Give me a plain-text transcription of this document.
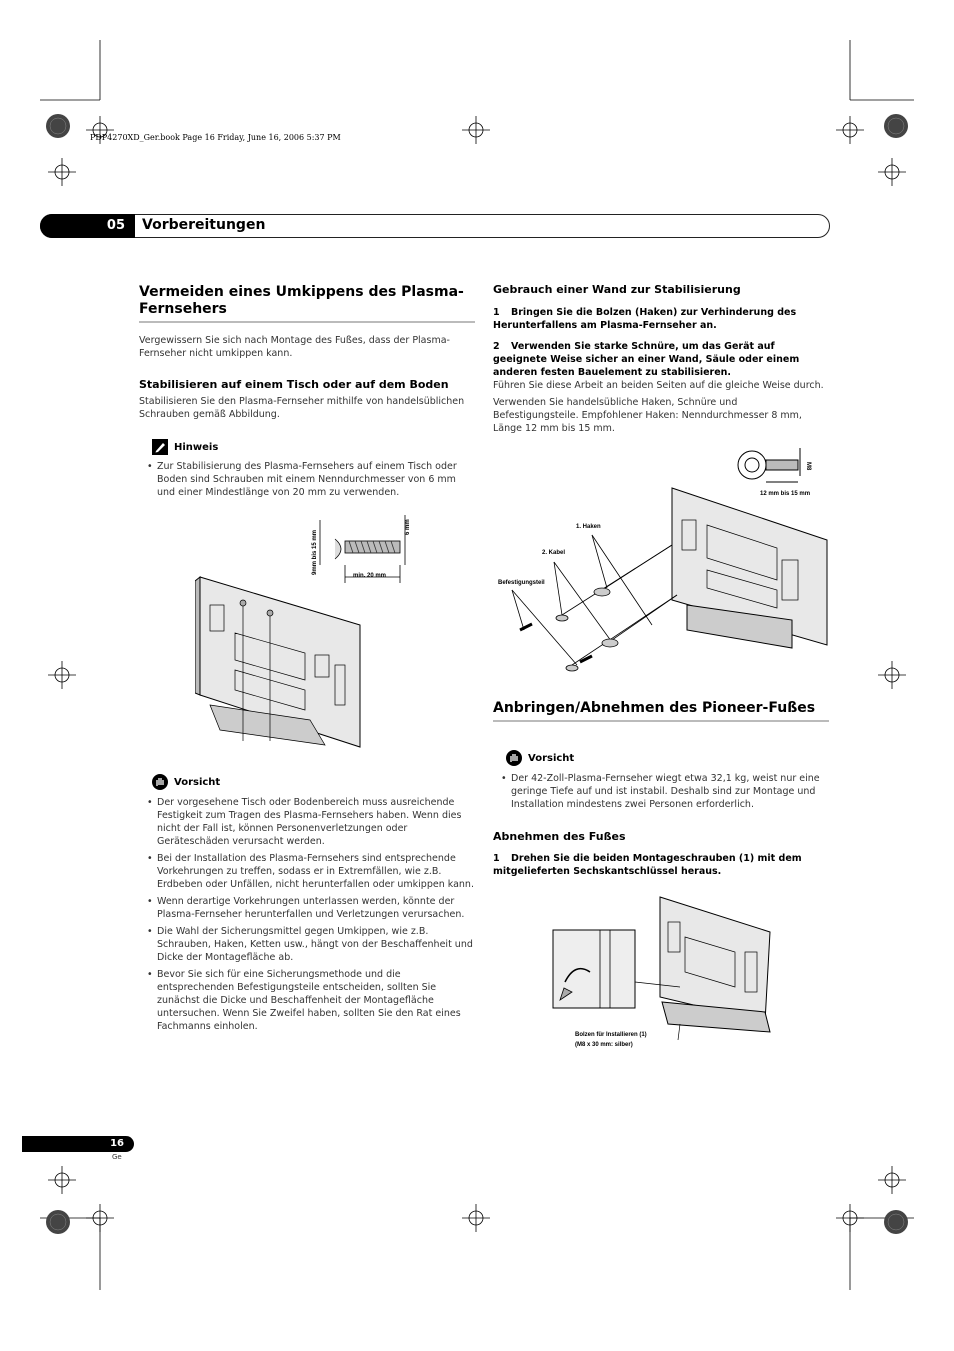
PDP4270XD_Ger.book Page 16 Friday, June 16, 2006 5:37 PM
05	Vorbereitungen
Vermeiden eines Umkippens des Plasma-Fernsehers
Vergewissern Sie sich nach Montage des Fußes, dass der Plasma-Fernseher nicht umkippen kann.
Stabilisieren auf einem Tisch oder auf dem Boden
Stabilisieren Sie den Plasma-Fernseher mithilfe von handelsüblichen Schrauben gemäß Abbildung.
Hinweis
• Zur Stabilisierung des Plasma-Fernsehers auf einem Tisch oder Boden sind Schrauben mit einem Nenndurchmesser von 6 mm und einer Mindestlänge von 20 mm zu verwenden.
9mm bis 15 mm
6 mm
min. 20 mm
Vorsicht
• Der vorgesehene Tisch oder Bodenbereich muss ausreichende Festigkeit zum Tragen des Plasma-Fernsehers haben. Wenn dies nicht der Fall ist, können Personenverletzungen oder Geräteschäden verursacht werden.
• Bei der Installation des Plasma-Fernsehers sind entsprechende Vorkehrungen zu treffen, sodass er in Extremfällen, wie z.B. Erdbeben oder Unfällen, nicht herunterfallen oder umkippen kann.
• Wenn derartige Vorkehrungen unterlassen werden, könnte der Plasma-Fernseher herunterfallen und Verletzungen verursachen.
• Die Wahl der Sicherungsmittel gegen Umkippen, wie z.B. Schrauben, Haken, Ketten usw., hängt von der Beschaffenheit und Dicke der Montagefläche ab.
• Bevor Sie sich für eine Sicherungsmethode und die entsprechenden Befestigungsteile entscheiden, sollten Sie zunächst die Dicke und Beschaffenheit der Montagefläche untersuchen. Wenn Sie Zweifel haben, sollten Sie den Rat eines Fachmanns einholen.
Gebrauch einer Wand zur Stabilisierung
1 Bringen Sie die Bolzen (Haken) zur Verhinderung des Herunterfallens am Plasma-Fernseher an.
2 Verwenden Sie starke Schnüre, um das Gerät auf geeignete Weise sicher an einer Wand, Säule oder einem anderen festen Bauelement zu stabilisieren.
Führen Sie diese Arbeit an beiden Seiten auf die gleiche Weise durch.
Verwenden Sie handelsübliche Haken, Schnüre und Befestigungsteile. Empfohlener Haken: Nenndurchmesser 8 mm, Länge 12 mm bis 15 mm.
M8
12 mm bis 15 mm
1. Haken
2. Kabel
Befestigungsteil
Anbringen/Abnehmen des Pioneer-Fußes
Vorsicht
• Der 42-Zoll-Plasma-Fernseher wiegt etwa 32,1 kg, weist nur eine geringe Tiefe auf und ist instabil. Deshalb sind zur Montage und Installation mindestens zwei Personen erforderlich.
Abnehmen des Fußes
1 Drehen Sie die beiden Montageschrauben (1) mit dem mitgelieferten Sechskantschlüssel heraus.
Bolzen für Installieren (1)
(M8 x 30 mm: silber)
16
Ge
